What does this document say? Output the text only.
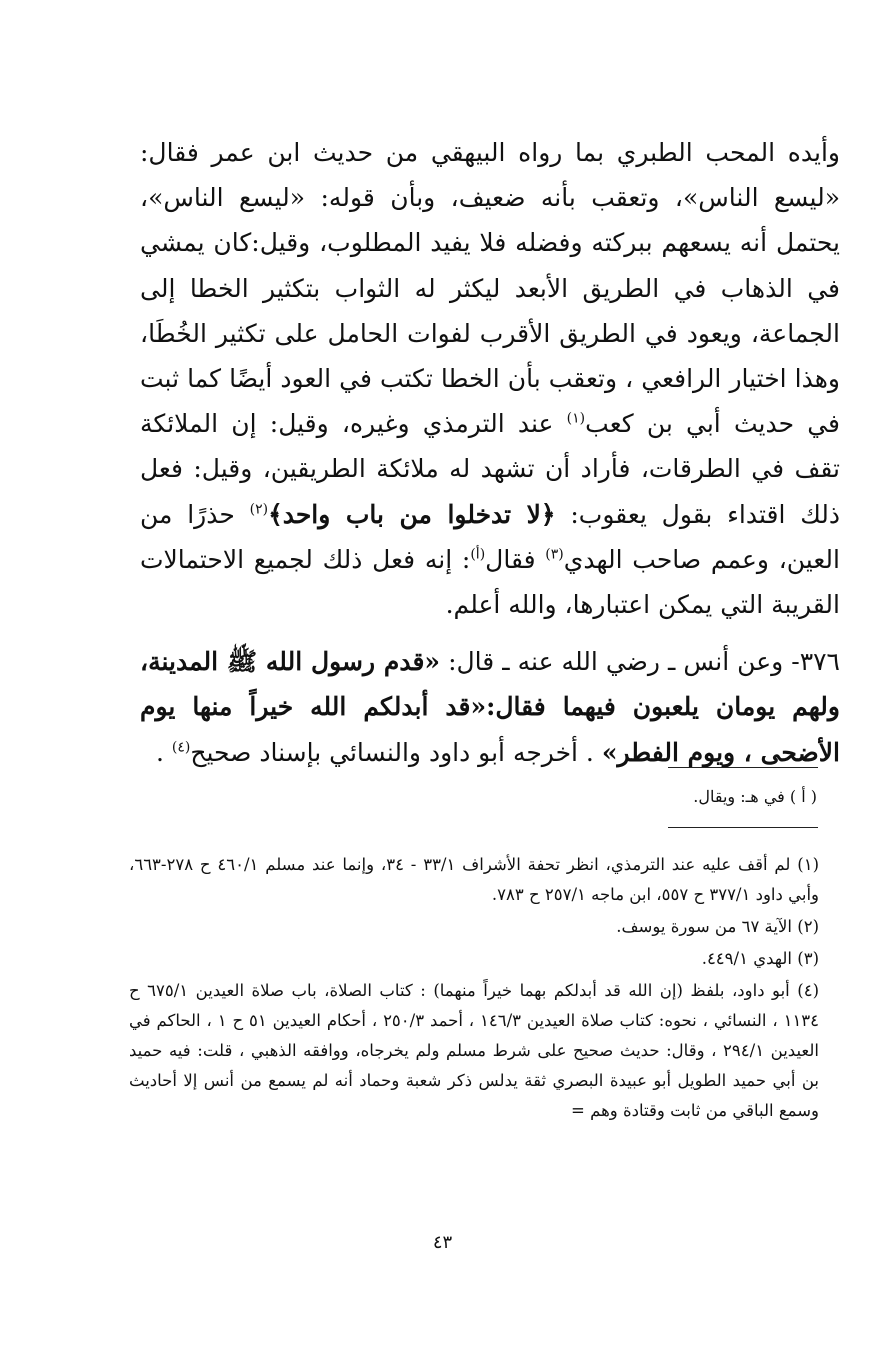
وأيده المحب الطبري بما رواه البيهقي من حديث ابن عمر فقال: «ليسع الناس»، وتعقب بأنه ضعيف، وبأن قوله: «ليسع الناس»، يحتمل أنه يسعهم ببركته وفضله فلا يفيد المطلوب، وقيل:كان يمشي في الذهاب في الطريق الأبعد ليكثر له الثواب بتكثير الخطا إلى الجماعة، ويعود في الطريق الأقرب لفوات الحامل على تكثير الخُطَا، وهذا اختيار الرافعي ، وتعقب بأن الخطا تكتب في العود أيضًا كما ثبت في حديث أبي بن كعب$^{(١)}$ عند الترمذي وغيره، وقيل: إن الملائكة تقف في الطرقات، فأراد أن تشهد له ملائكة الطريقين، وقيل: فعل ذلك اقتداء بقول يعقوب: ﴿لا تدخلوا من باب واحد﴾$^{(٢)}$ حذرًا من العين، وعمم صاحب الهدي$^{(٣)}$ فقال$^{(أ)}$: إنه فعل ذلك لجميع الاحتمالات القريبة التي يمكن اعتبارها، والله أعلم.

٣٧٦- وعن أنس ـ رضي الله عنه ـ قال: «قدم رسول الله ﷺ المدينة، ولهم يومان يلعبون فيهما فقال:«قد أبدلكم الله خيراً منها يوم الأضحى ، ويوم الفطر» . أخرجه أبو داود والنسائي بإسناد صحيح$^{(٤)}$ .

( أ ) في هـ: ويقال.

(١) لم أقف عليه عند الترمذي، انظر تحفة الأشراف ٣٣/١ - ٣٤، وإنما عند مسلم ٤٦٠/١ ح ٢٧٨-٦٦٣، وأبي داود ٣٧٧/١ ح ٥٥٧، ابن ماجه ٢٥٧/١ ح ٧٨٣.

(٢) الآية ٦٧ من سورة يوسف.

(٣) الهدي ٤٤٩/١.

(٤) أبو داود، بلفظ (إن الله قد أبدلكم بهما خيراً منهما) : كتاب الصلاة، باب صلاة العيدين ٦٧٥/١ ح ١١٣٤ ، النسائي ، نحوه: كتاب صلاة العيدين ١٤٦/٣ ، أحمد ٢٥٠/٣ ، أحكام العيدين ٥١ ح ١ ، الحاكم في العيدين ٢٩٤/١ ، وقال: حديث صحيح على شرط مسلم ولم يخرجاه، ووافقه الذهبي ، قلت: فيه حميد بن أبي حميد الطويل أبو عبيدة البصري ثقة يدلس ذكر شعبة وحماد أنه لم يسمع من أنس إلا أحاديث وسمع الباقي من ثابت وقتادة وهم =

٤٣
